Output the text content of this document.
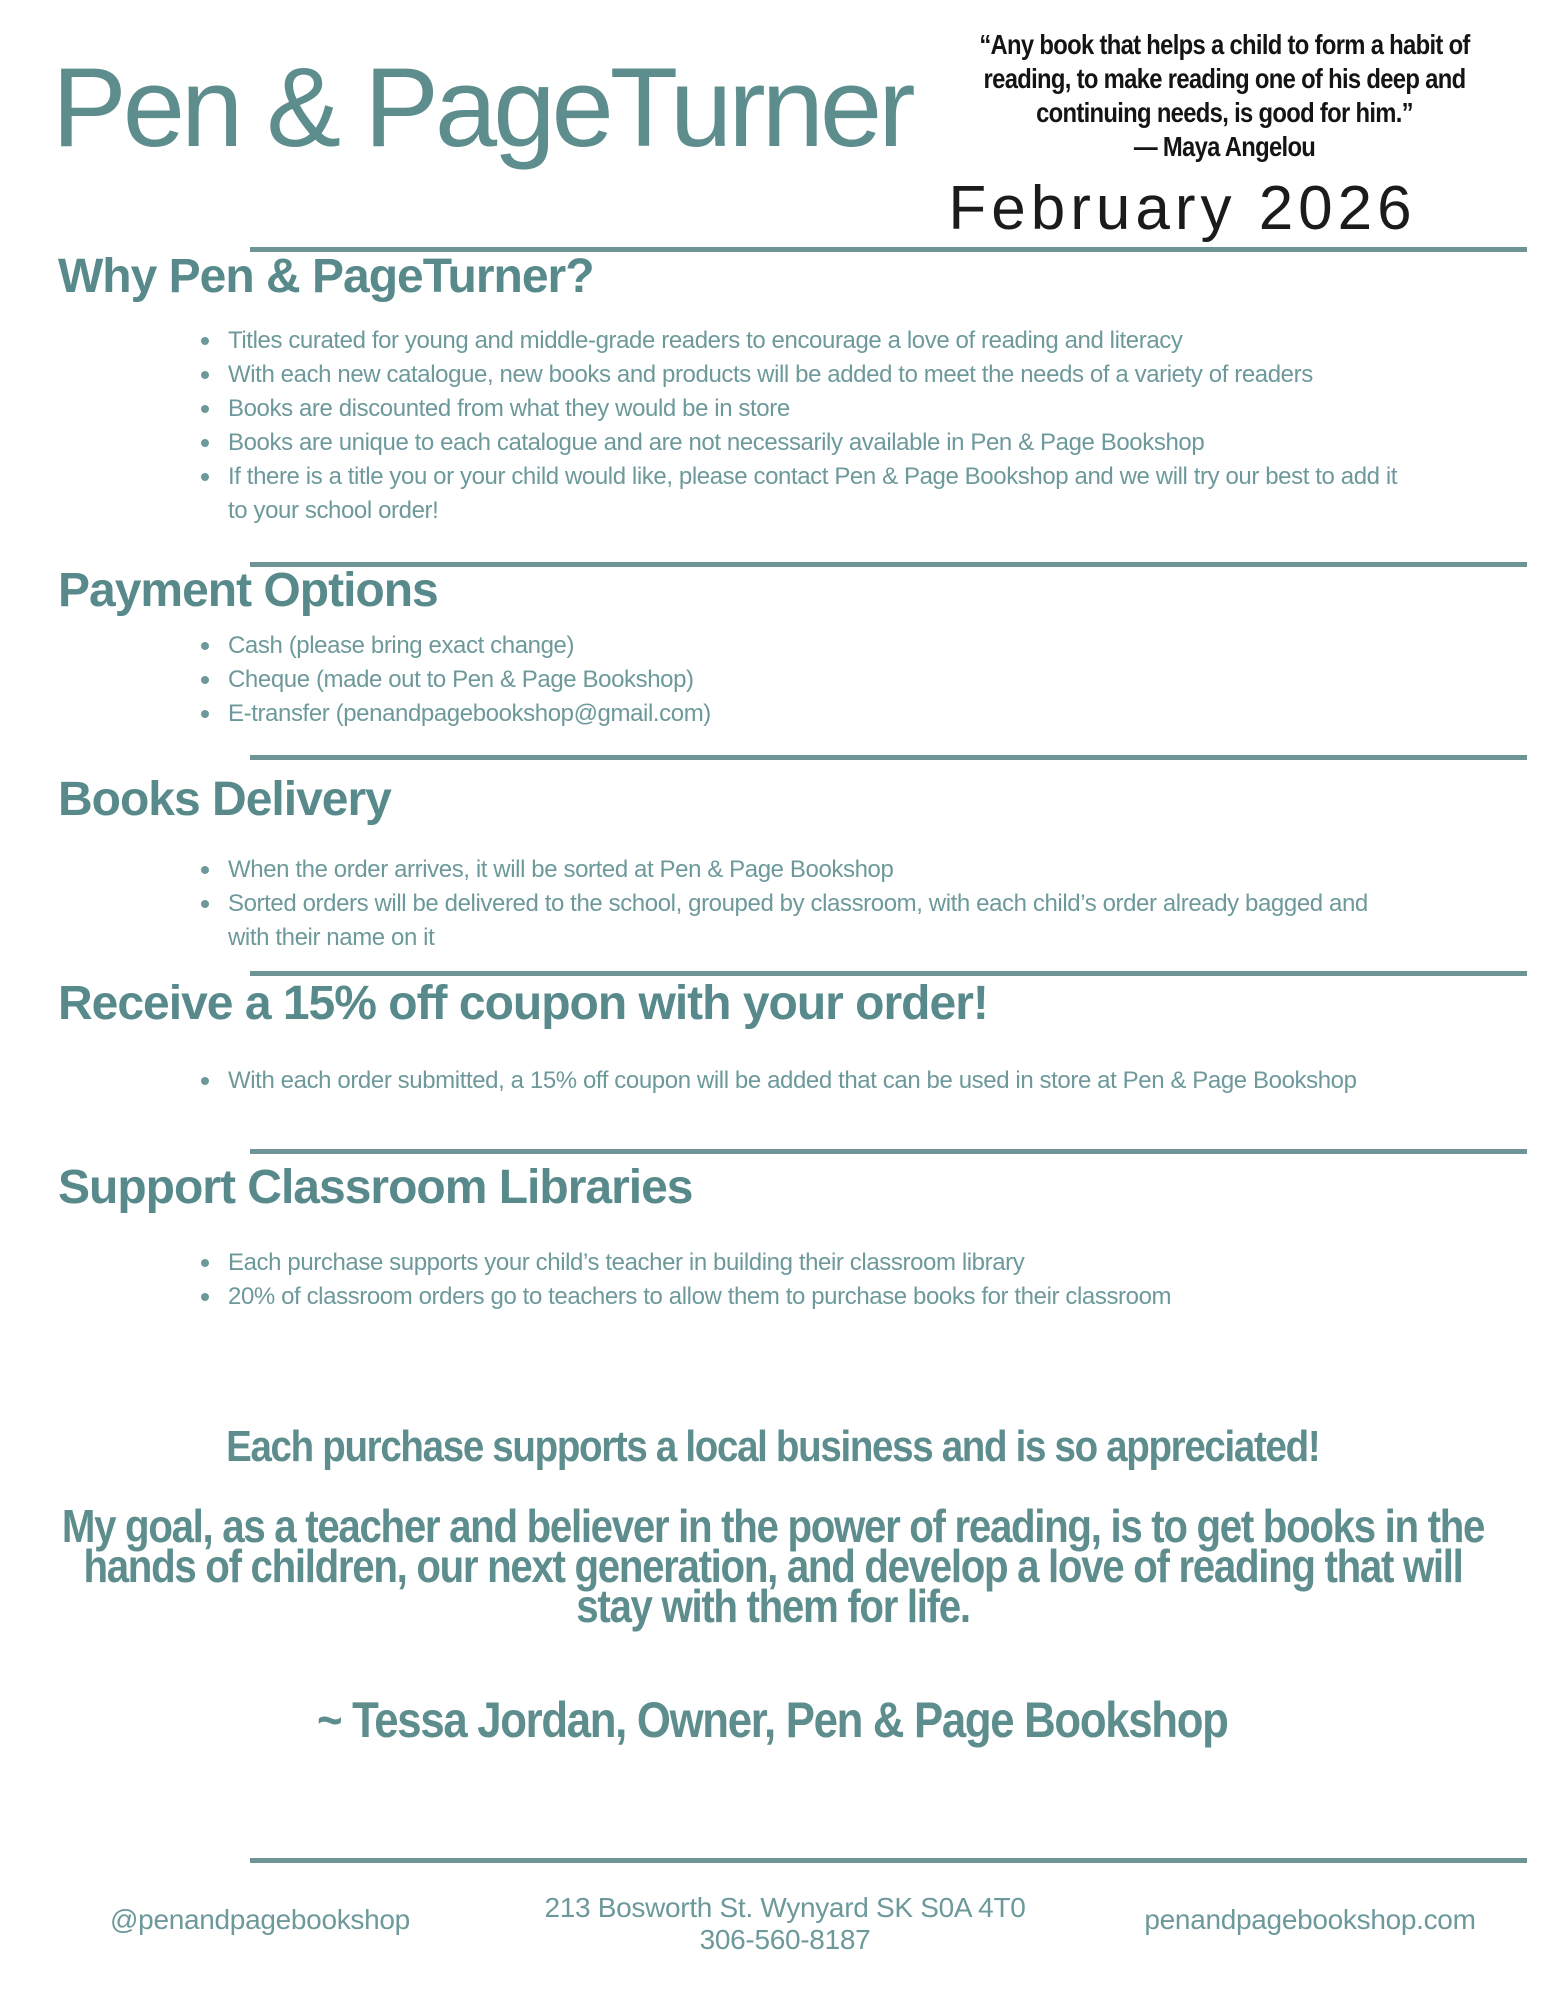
Pen & PageTurner
“Any book that helps a child to form a habit of reading, to make reading one of his deep and continuing needs, is good for him.”
— Maya Angelou
February 2026
Why Pen & PageTurner?
Titles curated for young and middle-grade readers to encourage a love of reading and literacy
With each new catalogue, new books and products will be added to meet the needs of a variety of readers
Books are discounted from what they would be in store
Books are unique to each catalogue and are not necessarily available in Pen & Page Bookshop
If there is a title you or your child would like, please contact Pen & Page Bookshop and we will try our best to add it to your school order!
Payment Options
Cash (please bring exact change)
Cheque (made out to Pen & Page Bookshop)
E-transfer (penandpagebookshop@gmail.com)
Books Delivery
When the order arrives, it will be sorted at Pen & Page Bookshop
Sorted orders will be delivered to the school, grouped by classroom, with each child’s order already bagged and with their name on it
Receive a 15% off coupon with your order!
With each order submitted, a 15% off coupon will be added that can be used in store at Pen & Page Bookshop
Support Classroom Libraries
Each purchase supports your child’s teacher in building their classroom library
20% of classroom orders go to teachers to allow them to purchase books for their classroom
Each purchase supports a local business and is so appreciated!
My goal, as a teacher and believer in the power of reading, is to get books in the hands of children, our next generation, and develop a love of reading that will stay with them for life.
~ Tessa Jordan, Owner, Pen & Page Bookshop
@penandpagebookshop	213 Bosworth St. Wynyard SK S0A 4T0
306-560-8187
penandpagebookshop.com
